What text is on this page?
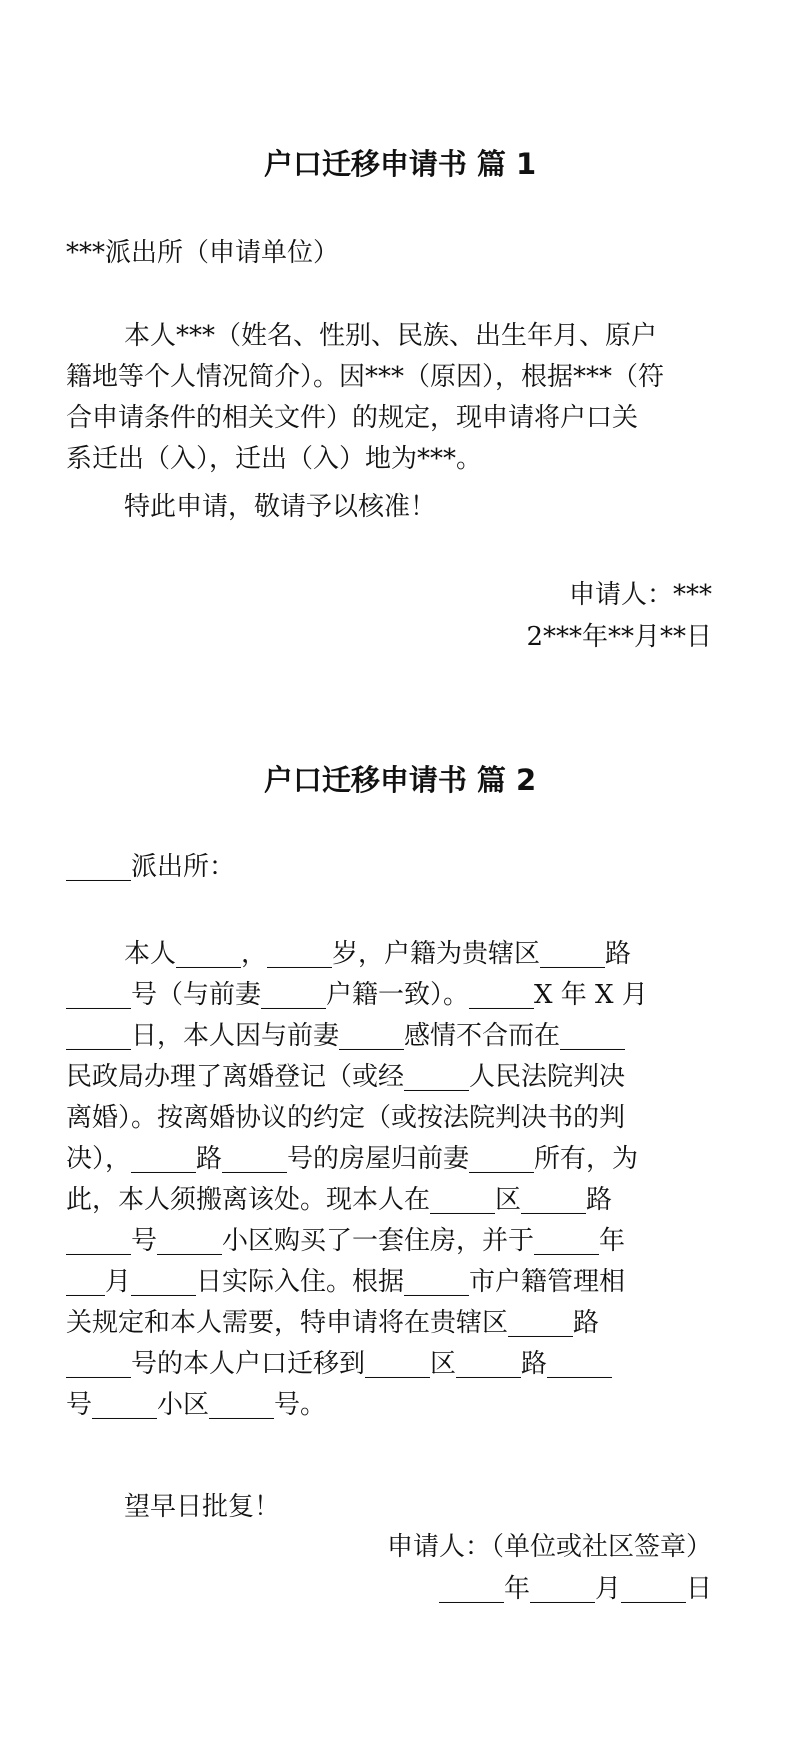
户口迁移申请书 篇 1

***派出所（申请单位）

本人***（姓名、性别、民族、出生年月、原户
籍地等个人情况简介）。因***（原因），根据***（符
合申请条件的相关文件）的规定，现申请将户口关
系迁出（入），迁出（入）地为***。

特此申请，敬请予以核准！

申请人：***

2***年**月**日

户口迁移申请书 篇 2

_____派出所：

本人_____，_____岁，户籍为贵辖区_____路
_____号（与前妻_____户籍一致）。_____X 年 X 月
_____日，本人因与前妻_____感情不合而在_____
民政局办理了离婚登记（或经_____人民法院判决
离婚）。按离婚协议的约定（或按法院判决书的判
决），_____路_____号的房屋归前妻_____所有，为
此，本人须搬离该处。现本人在_____区_____路
_____号_____小区购买了一套住房，并于_____年
___月_____日实际入住。根据_____市户籍管理相
关规定和本人需要，特申请将在贵辖区_____路
_____号的本人户口迁移到_____区_____路_____
号_____小区_____号。

望早日批复！

申请人：（单位或社区签章）

_____年_____月_____日
